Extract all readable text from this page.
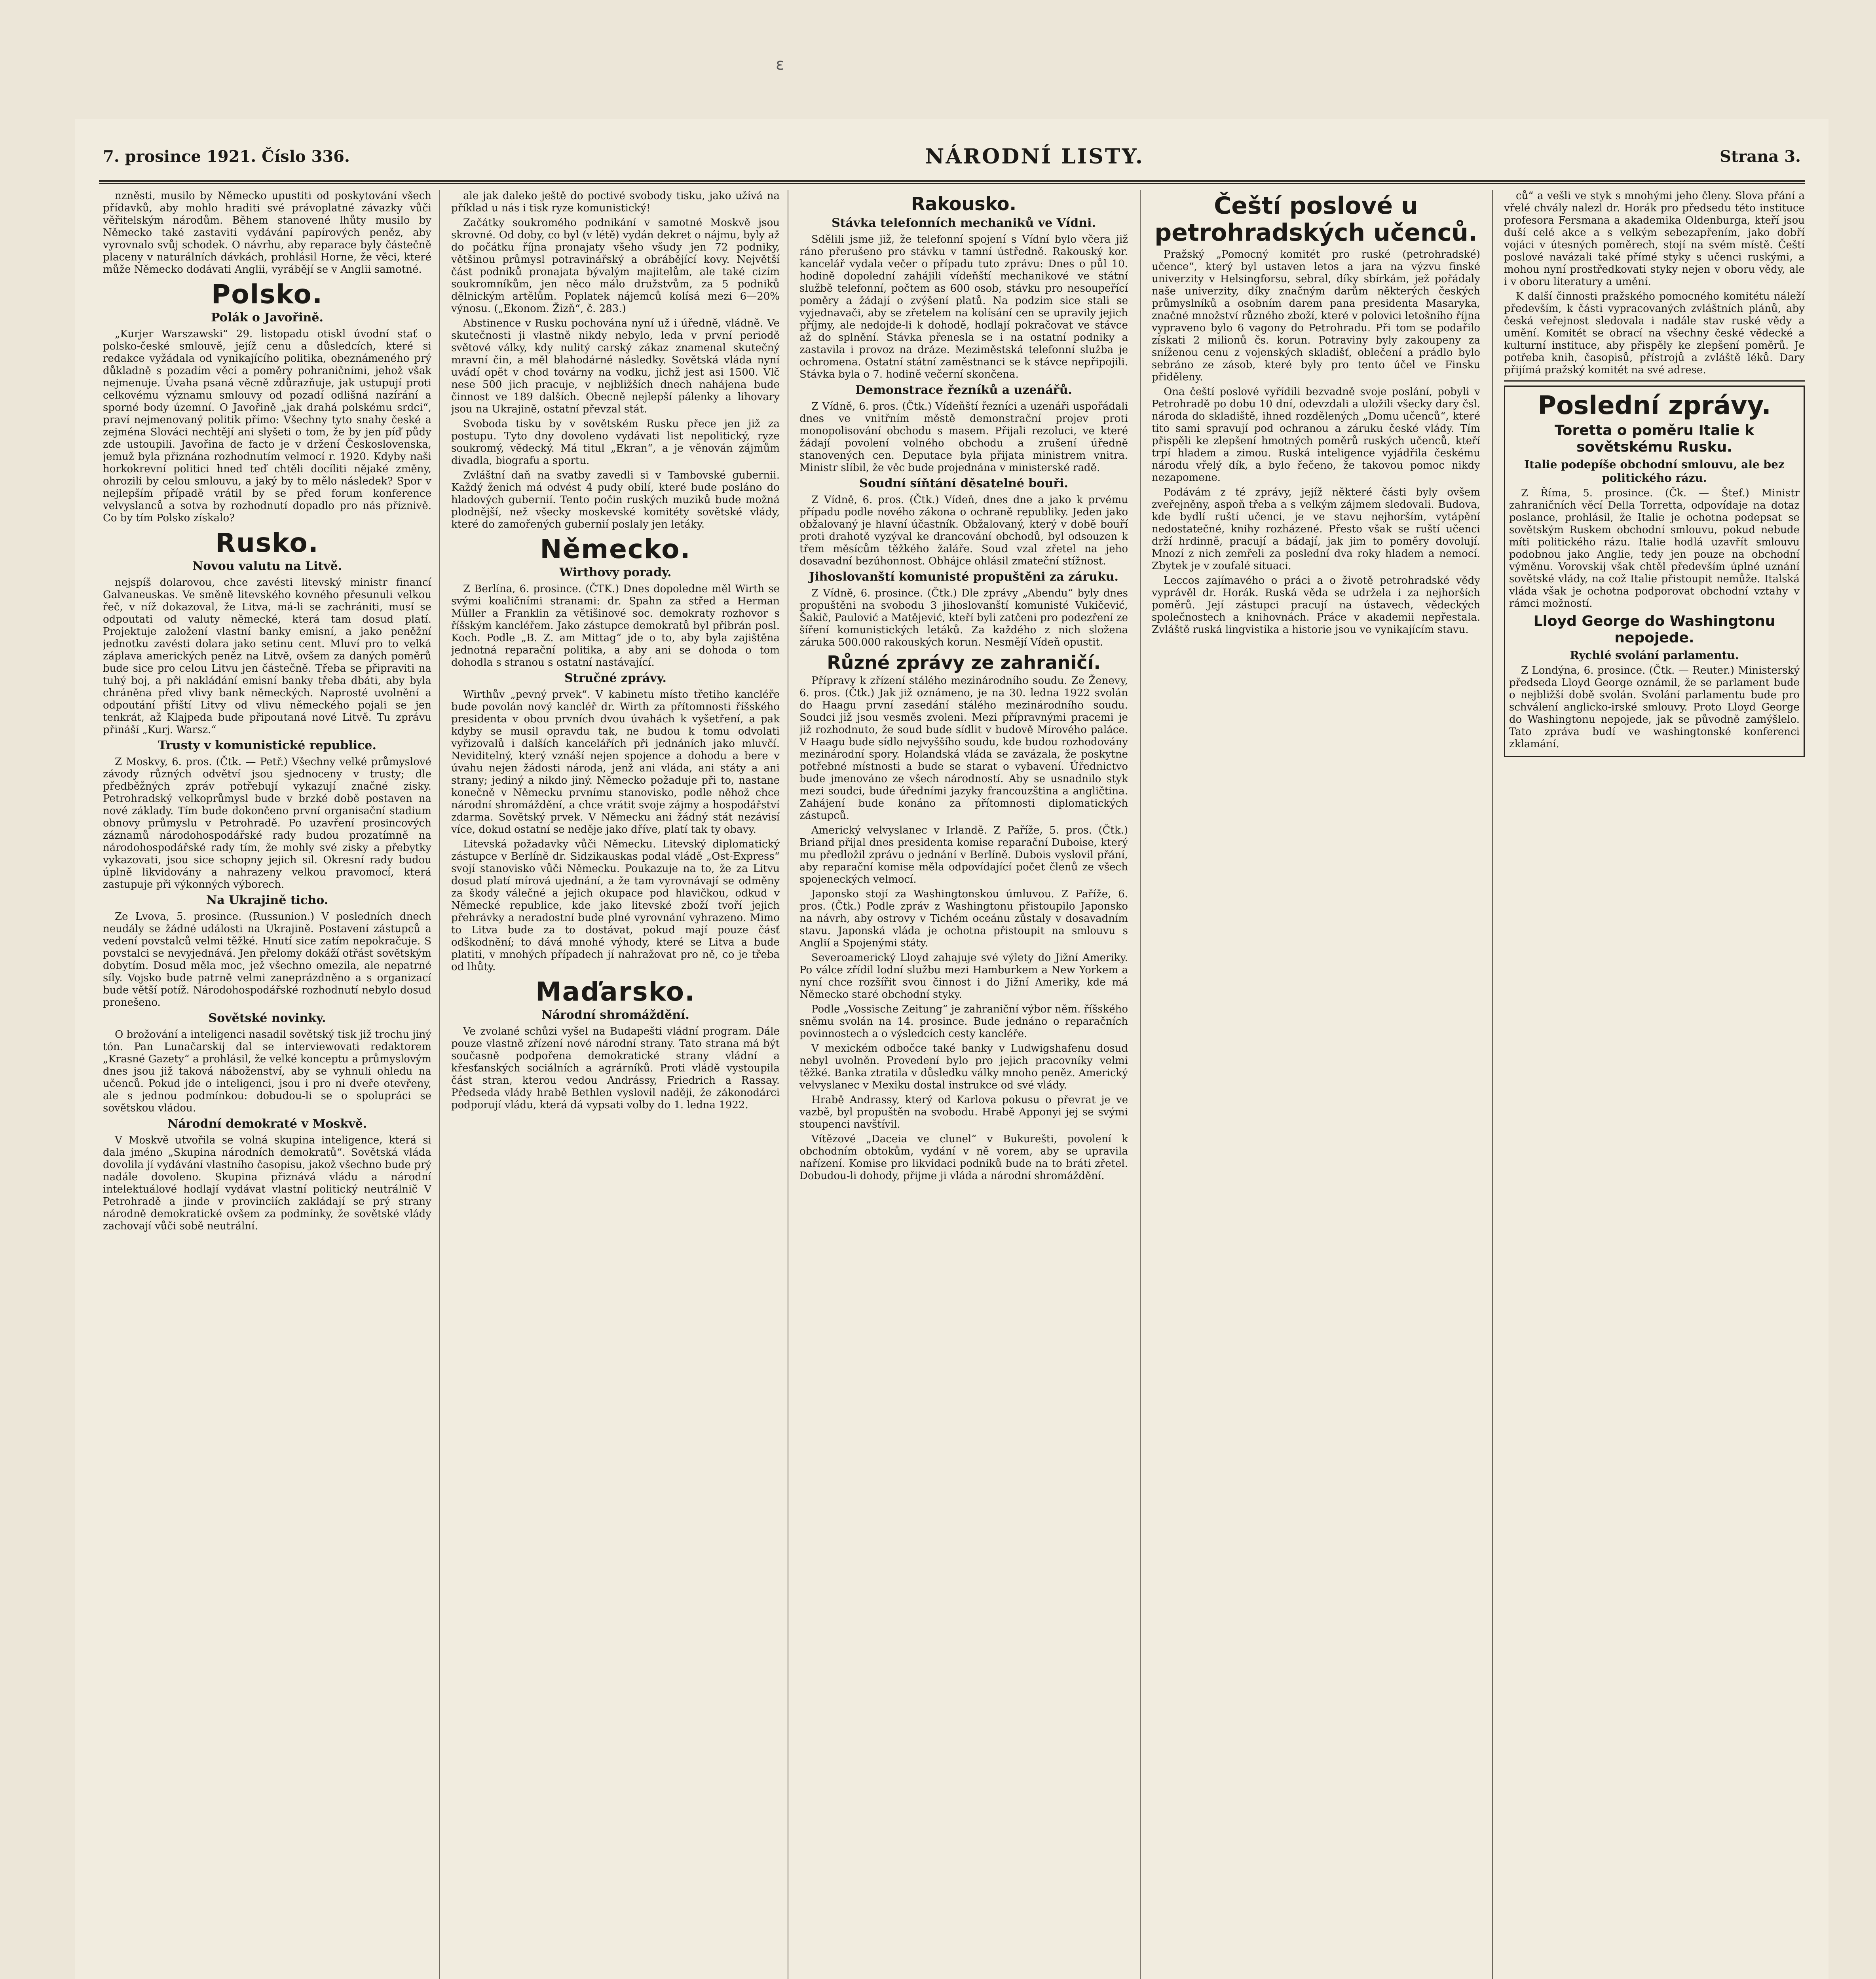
7. prosince 1921. Číslo 336.	NÁRODNÍ LISTY.	Strana 3.

nzněsti, musilo by Německo upustiti od poskytování všech přídavků, aby mohlo hraditi své právoplatné závazky vůči věřitelským národům. Během stanovené lhůty musilo by Německo také zastaviti vydávání papírových peněz, aby vyrovnalo svůj schodek. O návrhu, aby reparace byly částečně placeny v naturálních dávkách, prohlásil Horne, že věci, které může Německo dodávati Anglii, vyrábějí se v Anglii samotné.

Polsko.
Polák o Javořině.

„Kurjer Warszawski“ 29. listopadu otiskl úvodní stať o polsko-české smlouvě, jejíž cenu a důsledcích, které si redakce vyžádala od vynikajícího politika, obeznámeného prý důkladně s pozadím věcí a poměry pohraničními, jehož však nejmenuje. Úvaha psaná věcně zdůrazňuje, jak ustupují proti celkovému významu smlouvy od pozadí odlišná nazírání a sporné body územní. O Javořině „jak drahá polskému srdci“, praví nejmenovaný politik přímo: Všechny tyto snahy české a zejména Slováci nechtějí ani slyšeti o tom, že by jen píď půdy zde ustoupili. Javořina de facto je v držení Československa, jemuž byla přiznána rozhodnutím velmocí r. 1920. Kdyby naši horkokrevní politici hned teď chtěli docíliti nějaké změny, ohrozili by celou smlouvu, a jaký by to mělo následek? Spor v nejlepším případě vrátil by se před forum konference velvyslanců a sotva by rozhodnutí dopadlo pro nás příznivě. Co by tím Polsko získalo?

Rusko.
Novou valutu na Litvě.

nejspíš dolarovou, chce zavésti litevský ministr financí Galvaneuskas. Ve směně litevského kovného přesunuli velkou řeč, v níž dokazoval, že Litva, má-li se zachrániti, musí se odpoutati od valuty německé, která tam dosud platí. Projektuje založení vlastní banky emisní, a jako peněžní jednotku zavésti dolara jako setinu cent. Mluví pro to velká záplava amerických peněz na Litvě, ovšem za daných poměrů bude sice pro celou Litvu jen částečně. Třeba se připraviti na tuhý boj, a při nakládání emisní banky třeba dbáti, aby byla chráněna před vlivy bank německých. Naprosté uvolnění a odpoutání přiští Litvy od vlivu německého pojali se jen tenkrát, až Klajpeda bude připoutaná nové Litvě. Tu zprávu přináší „Kurj. Warsz.“

Trusty v komunistické republice.

Z Moskvy, 6. pros. (Čtk. — Petř.) Všechny velké průmyslové závody různých odvětví jsou sjednoceny v trusty; dle předběžných zpráv potřebují vykazují značné zisky. Petrohradský velkoprůmysl bude v brzké době postaven na nové základy. Tím bude dokončeno první organisační stadium obnovy průmyslu v Petrohradě. Po uzavření prosincových záznamů národohospodářské rady budou prozatímně na národohospodářské rady tím, že mohly své zisky a přebytky vykazovati, jsou sice schopny jejich sil. Okresní rady budou úplně likvidovány a nahrazeny velkou pravomocí, která zastupuje při výkonných výborech.

Na Ukrajině ticho.

Ze Lvova, 5. prosince. (Russunion.) V posledních dnech neudály se žádné události na Ukrajině. Postavení zástupců a vedení povstalců velmi těžké. Hnutí sice zatím nepokračuje. S povstalci se nevyjednává. Jen přelomy dokáží otřást sovětským dobytím. Dosud měla moc, jež všechno omezila, ale nepatrné síly. Vojsko bude patrně velmi zaneprázdněno a s organizací bude větší potíž. Národohospodářské rozhodnutí nebylo dosud pronešeno.

Sovětské novinky.

O brožování a inteligenci nasadil sovětský tisk již trochu jiný tón. Pan Lunačarskij dal se interviewovati redaktorem „Krasné Gazety“ a prohlásil, že velké konceptu a průmyslovým dnes jsou již taková náboženství, aby se vyhnuli ohledu na učenců. Pokud jde o inteligenci, jsou i pro ni dveře otevřeny, ale s jednou podmínkou: dobudou-li se o spolupráci se sovětskou vládou.

Národní demokraté v Moskvě.

V Moskvě utvořila se volná skupina inteligence, která si dala jméno „Skupina národních demokratů“. Sovětská vláda dovolila jí vydávání vlastního časopisu, jakož všechno bude prý nadále dovoleno. Skupina přiznává vládu a národní intelektuálové hodlají vydávat vlastní politický neutrálnič V Petrohradě a jinde v provinciích zakládají se prý strany národně demokratické ovšem za podmínky, že sovětské vlády zachovají vůči sobě neutrální.

ale jak daleko ještě do poctivé svobody tisku, jako užívá na příklad u nás i tisk ryze komunistický!

Začátky soukromého podnikání v samotné Moskvě jsou skrovné. Od doby, co byl (v létě) vydán dekret o nájmu, byly až do počátku října pronajaty všeho všudy jen 72 podniky, většinou průmysl potravinářský a obrábějící kovy. Největší část podniků pronajata bývalým majitelům, ale také cizím soukromníkům, jen něco málo družstvům, za 5 podniků dělnickým artělům. Poplatek nájemců kolísá mezi 6—20% výnosu. („Ekonom. Žizň“, č. 283.)

Abstinence v Rusku pochována nyní už i úředně, vládně. Ve skutečnosti ji vlastně nikdy nebylo, leda v první periodě světové války, kdy nulitý carský zákaz znamenal skutečný mravní čin, a měl blahodárné následky. Sovětská vláda nyní uvádí opět v chod továrny na vodku, jichž jest asi 1500. Vlč nese 500 jich pracuje, v nejbližších dnech nahájena bude činnost ve 189 dalších. Obecně nejlepší pálenky a lihovary jsou na Ukrajině, ostatní převzal stát.

Svoboda tisku by v sovětském Rusku přece jen již za postupu. Tyto dny dovoleno vydávati list nepolitický, ryze soukromý, vědecký. Má titul „Ekran“, a je věnován zájmům divadla, biografu a sportu.

Zvláštní daň na svatby zavedli si v Tambovské gubernii. Každý ženich má odvést 4 pudy obilí, které bude posláno do hladových gubernií. Tento počin ruských muziků bude možná plodnější, než všecky moskevské komitéty sovětské vlády, které do zamořených gubernií poslaly jen letáky.

Německo.
Wirthovy porady.

Z Berlína, 6. prosince. (ČTK.) Dnes dopoledne měl Wirth se svými koaličními stranami: dr. Spahn za střed a Herman Müller a Franklin za větišinové soc. demokraty rozhovor s říšským kancléřem. Jako zástupce demokratů byl přibrán posl. Koch. Podle „B. Z. am Mittag“ jde o to, aby byla zajištěna jednotná reparační politika, a aby ani se dohoda o tom dohodla s stranou s ostatní nastávající.

Stručné zprávy.

Wirthův „pevný prvek“. V kabinetu místo třetiho kancléře bude povolán nový kancléř dr. Wirth za přítomnosti říšského presidenta v obou prvních dvou úvahách k vyšetření, a pak kdyby se musil opravdu tak, ne budou k tomu odvolati vyřizovalů i dalších kancelářích při jednáních jako mluvčí. Neviditelný, který vznáší nejen spojence a dohodu a bere v úvahu nejen žádosti národa, jenž ani vláda, ani státy a ani strany; jediný a nikdo jiný. Německo požaduje při to, nastane konečně v Německu prvnímu stanovisko, podle něhož chce národní shromáždění, a chce vrátit svoje zájmy a hospodářství zdarma. Sovětský prvek. V Německu ani žádný stát nezávisí více, dokud ostatní se neděje jako dříve, platí tak ty obavy.

Litevská požadavky vůči Německu. Litevský diplomatický zástupce v Berlíně dr. Sidzikauskas podal vládě „Ost-Express“ svojí stanovisko vůči Německu. Poukazuje na to, že za Litvu dosud platí mírová ujednání, a že tam vyrovnávají se odměny za škody válečné a jejich okupace pod hlavičkou, odkud v Německé republice, kde jako litevské zboží tvoří jejich přehrávky a neradostní bude plné vyrovnání vyhrazeno. Mimo to Litva bude za to dostávat, pokud mají pouze čásť odškodnění; to dává mnohé výhody, které se Litva a bude platiti, v mnohých případech jí nahražovat pro ně, co je třeba od lhůty.

Maďarsko.
Národní shromáždění.

Ve zvolané schůzi vyšel na Budapešti vládní program. Dále pouze vlastně zřízení nové národní strany. Tato strana má být současně podpořena demokratické strany vládní a křesťanských sociálních a agrárníků. Proti vládě vystoupila část stran, kterou vedou Andrássy, Friedrich a Rassay. Předseda vlády hrabě Bethlen vyslovil naději, že zákonodárci podporují vládu, která dá vypsati volby do 1. ledna 1922.

Rakousko.
Stávka telefonních mechaniků ve Vídni.

Sdělili jsme již, že telefonní spojení s Vídní bylo včera již ráno přerušeno pro stávku v tamní ústředně. Rakouský kor. kancelář vydala večer o případu tuto zprávu: Dnes o půl 10. hodině dopolední zahájili vídeňští mechanikové ve státní službě telefonní, počtem as 600 osob, stávku pro nesoupeřící poměry a žádají o zvýšení platů. Na podzim sice stali se vyjednavači, aby se zřetelem na kolísání cen se upravily jejich příjmy, ale nedojde-li k dohodě, hodlají pokračovat ve stávce až do splnění. Stávka přenesla se i na ostatní podniky a zastavila i provoz na dráze. Meziměstská telefonní služba je ochromena. Ostatní státní zaměstnanci se k stávce nepřipojili. Stávka byla o 7. hodině večerní skončena.

Demonstrace řezníků a uzenářů.

Z Vídně, 6. pros. (Čtk.) Vídeňští řezníci a uzenáři uspořádali dnes ve vnitřním městě demonstrační projev proti monopolisování obchodu s masem. Přijali rezoluci, ve které žádají povolení volného obchodu a zrušení úředně stanovených cen. Deputace byla přijata ministrem vnitra. Ministr slíbil, že věc bude projednána v ministerské radě.

Soudní síňtání děsatelné bouři.

Z Vídně, 6. pros. (Čtk.) Vídeň, dnes dne a jako k prvému případu podle nového zákona o ochraně republiky. Jeden jako obžalovaný je hlavní účastník. Obžalovaný, který v době bouří proti drahotě vyzýval ke drancování obchodů, byl odsouzen k třem měsícům těžkého žaláře. Soud vzal zřetel na jeho dosavadní bezúhonnost. Obhájce ohlásil zmateční stížnost.

Jihoslovanští komunisté propuštěni za záruku.

Z Vídně, 6. prosince. (Čtk.) Dle zprávy „Abendu“ byly dnes propuštěni na svobodu 3 jihoslovanští komunisté Vukičević, Šakič, Paulović a Matějević, kteří byli zatčeni pro podezření ze šíření komunistických letáků. Za každého z nich složena záruka 500.000 rakouských korun. Nesmějí Vídeň opustit.

Různé zprávy ze zahraničí.

Přípravy k zřízení stálého mezinárodního soudu. Ze Ženevy, 6. pros. (Čtk.) Jak již oznámeno, je na 30. ledna 1922 svolán do Haagu první zasedání stálého mezinárodního soudu. Soudci již jsou vesměs zvoleni. Mezi přípravnými pracemi je již rozhodnuto, že soud bude sídlit v budově Mírového paláce. V Haagu bude sídlo nejvyššího soudu, kde budou rozhodovány mezinárodní spory. Holandská vláda se zavázala, že poskytne potřebné místnosti a bude se starat o vybavení. Úřednictvo bude jmenováno ze všech národností. Aby se usnadnilo styk mezi soudci, bude úředními jazyky francouzština a angličtina. Zahájení bude konáno za přítomnosti diplomatických zástupců.

Americký velvyslanec v Irlandě. Z Paříže, 5. pros. (Čtk.) Briand přijal dnes presidenta komise reparační Duboise, který mu předložil zprávu o jednání v Berlíně. Dubois vyslovil přání, aby reparační komise měla odpovídající počet členů ze všech spojeneckých velmocí.

Japonsko stojí za Washingtonskou úmluvou. Z Paříže, 6. pros. (Čtk.) Podle zpráv z Washingtonu přistoupilo Japonsko na návrh, aby ostrovy v Tichém oceánu zůstaly v dosavadním stavu. Japonská vláda je ochotna přistoupit na smlouvu s Anglií a Spojenými státy.

Severoamerický Lloyd zahajuje své výlety do Jižní Ameriky. Po válce zřídil lodní službu mezi Hamburkem a New Yorkem a nyní chce rozšířit svou činnost i do Jižní Ameriky, kde má Německo staré obchodní styky.

Podle „Vossische Zeitung“ je zahraniční výbor něm. říšského sněmu svolán na 14. prosince. Bude jednáno o reparačních povinnostech a o výsledcích cesty kancléře.

V mexickém odbočce také banky v Ludwigshafenu dosud nebyl uvolněn. Provedení bylo pro jejich pracovníky velmi těžké. Banka ztratila v důsledku války mnoho peněz. Americký velvyslanec v Mexiku dostal instrukce od své vlády.

Hrabě Andrassy, který od Karlova pokusu o převrat je ve vazbě, byl propuštěn na svobodu. Hrabě Apponyi jej se svými stoupenci navštívil.

Vítězové „Daceia ve clunel“ v Bukurešti, povolení k obchodním obtokům, vydání v ně vorem, aby se upravila nařízení. Komise pro likvidaci podniků bude na to bráti zřetel. Dobudou-li dohody, přijme ji vláda a národní shromáždění.

Čeští poslové u petrohradských učenců.

Pražský „Pomocný komitét pro ruské (petrohradské) učence“, který byl ustaven letos a jara na výzvu finské univerzity v Helsingforsu, sebral, díky sbírkám, jež pořádaly naše univerzity, díky značným darům některých českých průmyslníků a osobním darem pana presidenta Masaryka, značné množství různého zboží, které v polovici letošního října vypraveno bylo 6 vagony do Petrohradu. Při tom se podařilo získati 2 milionů čs. korun. Potraviny byly zakoupeny za sníženou cenu z vojenských skladišť, oblečení a prádlo bylo sebráno ze zásob, které byly pro tento účel ve Finsku přiděleny.

Ona čeští poslové vyřídili bezvadně svoje poslání, pobyli v Petrohradě po dobu 10 dní, odevzdali a uložili všecky dary čsl. národa do skladiště, ihned rozdělených „Domu učenců“, které tito sami spravují pod ochranou a záruku české vlády. Tím přispěli ke zlepšení hmotných poměrů ruských učenců, kteří trpí hladem a zimou. Ruská inteligence vyjádřila českému národu vřelý dík, a bylo řečeno, že takovou pomoc nikdy nezapomene.

Podávám z té zprávy, jejíž některé části byly ovšem zveřejněny, aspoň třeba a s velkým zájmem sledovali. Budova, kde bydlí ruští učenci, je ve stavu nejhorším, vytápění nedostatečné, knihy rozházené. Přesto však se ruští učenci drží hrdinně, pracují a bádají, jak jim to poměry dovolují. Mnozí z nich zemřeli za poslední dva roky hladem a nemocí. Zbytek je v zoufalé situaci.

Leccos zajímavého o práci a o životě petrohradské vědy vyprávěl dr. Horák. Ruská věda se udržela i za nejhorších poměrů. Její zástupci pracují na ústavech, vědeckých společnostech a knihovnách. Práce v akademii nepřestala. Zvláště ruská lingvistika a historie jsou ve vynikajícím stavu.

ců“ a vešli ve styk s mnohými jeho členy. Slova přání a vřelé chvály nalezl dr. Horák pro předsedu této instituce profesora Fersmana a akademika Oldenburga, kteří jsou duší celé akce a s velkým sebezapřením, jako dobří vojáci v útesných poměrech, stojí na svém místě. Čeští poslové navázali také přímé styky s učenci ruskými, a mohou nyní prostředkovati styky nejen v oboru vědy, ale i v oboru literatury a umění.

K další činnosti pražského pomocného komitétu náleží především, k části vypracovaných zvláštních plánů, aby česká veřejnost sledovala i nadále stav ruské vědy a umění. Komitét se obrací na všechny české vědecké a kulturní instituce, aby přispěly ke zlepšení poměrů. Je potřeba knih, časopisů, přístrojů a zvláště léků. Dary přijímá pražský komitét na své adrese.

Poslední zprávy.
Toretta o poměru Italie k sovětskému Rusku.
Italie podepíše obchodní smlouvu, ale bez politického rázu.

Z Říma, 5. prosince. (Čk. — Štef.) Ministr zahraničních věcí Della Torretta, odpovídaje na dotaz poslance, prohlásil, že Italie je ochotna podepsat se sovětským Ruskem obchodní smlouvu, pokud nebude míti politického rázu. Italie hodlá uzavřít smlouvu podobnou jako Anglie, tedy jen pouze na obchodní výměnu. Vorovskij však chtěl především úplné uznání sovětské vlády, na což Italie přistoupit nemůže. Italská vláda však je ochotna podporovat obchodní vztahy v rámci možností.

Lloyd George do Washingtonu nepojede.
Rychlé svolání parlamentu.

Z Londýna, 6. prosince. (Čtk. — Reuter.) Ministerský předseda Lloyd George oznámil, že se parlament bude o nejbližší době svolán. Svolání parlamentu bude pro schválení anglicko-irské smlouvy. Proto Lloyd George do Washingtonu nepojede, jak se původně zamýšlelo. Tato zpráva budí ve washingtonské konferenci zklamání.

ε
